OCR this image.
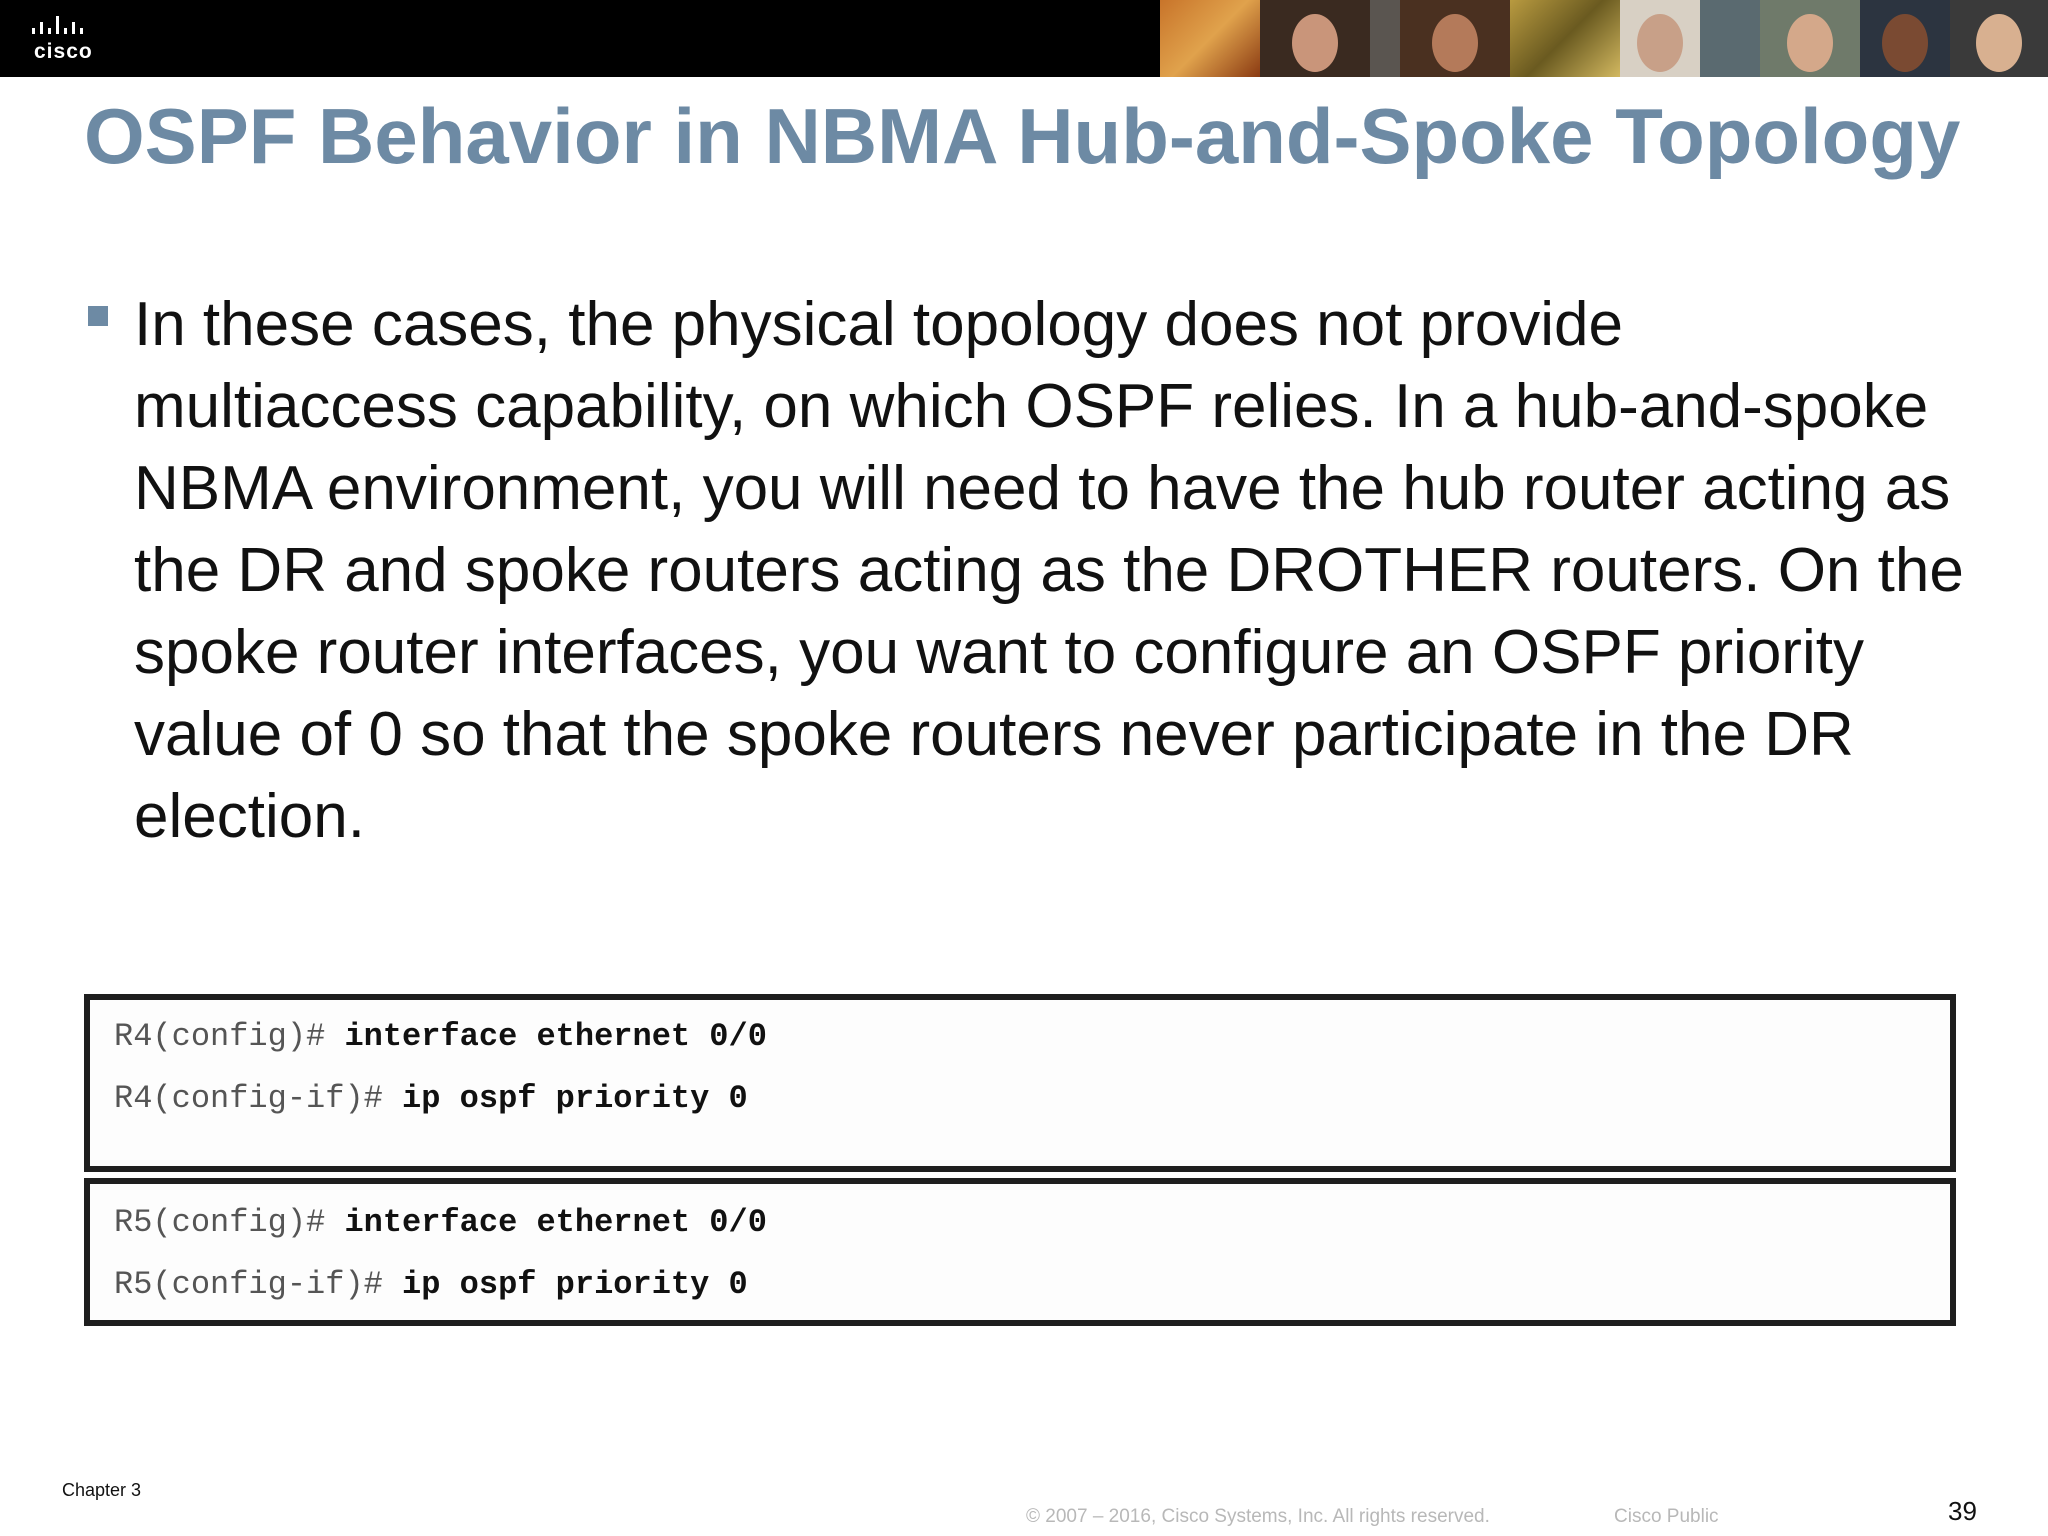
cisco
OSPF Behavior in NBMA Hub-and-Spoke Topology

In these cases, the physical topology does not provide multiaccess capability, on which OSPF relies. In a hub-and-spoke NBMA environment, you will need to have the hub router acting as the DR and spoke routers acting as the DROTHER routers. On the spoke router interfaces, you want to configure an OSPF priority value of 0 so that the spoke routers never participate in the DR election.

R4(config)# interface ethernet 0/0
R4(config-if)# ip ospf priority 0
R5(config)# interface ethernet 0/0
R5(config-if)# ip ospf priority 0
Chapter 3
© 2007 – 2016, Cisco Systems, Inc. All rights reserved.	Cisco Public	39
